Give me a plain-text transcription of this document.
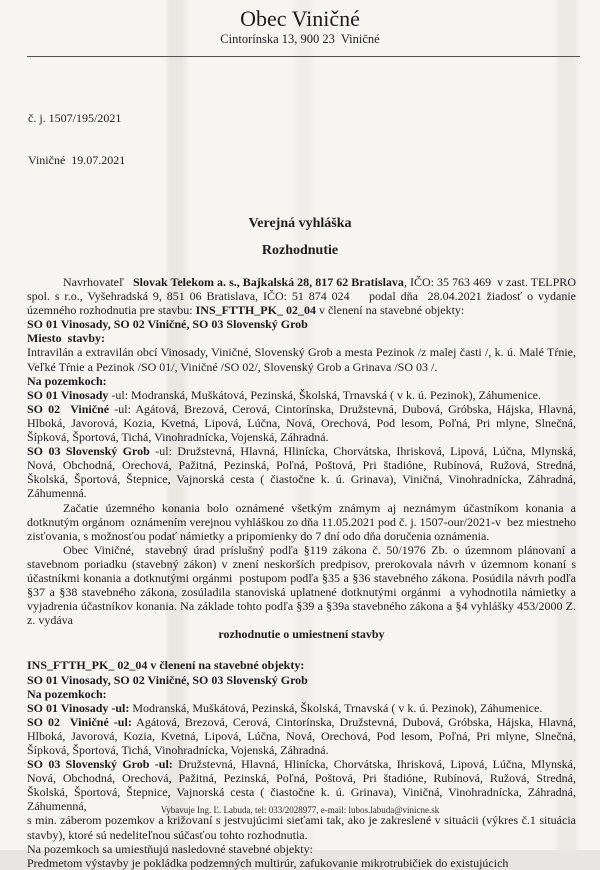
Obec Viničné
Cintorínska 13, 900 23  Viničné

č. j. 1507/195/2021

Viničné  19.07.2021

Verejná vyhláška
Rozhodnutie
Navrhovateľ   Slovak Telekom a. s., Bajkalská 28, 817 62 Bratislava, IČO: 35 763 469  v zast. TELPRO spol. s r.o., Vyšehradská 9, 851 06 Bratislava, IČO: 51 874 024    podal dňa  28.04.2021 žiadosť o vydanie územného rozhodnutia pre stavbu: INS_FTTH_PK_ 02_04 v členení na stavebné objekty:
SO 01 Vinosady, SO 02 Viničné, SO 03 Slovenský Grob
Miesto  stavby:
Intravilán a extravilán obcí Vinosady, Viničné, Slovenský Grob a mesta Pezinok /z malej časti /, k. ú. Malé Tŕnie, Veľké Tŕnie a Pezinok /SO 01/, Viničné /SO 02/, Slovenský Grob a Grinava /SO 03 /.
Na pozemkoch:
SO 01 Vinosady -ul: Modranská, Muškátová, Pezinská, Školská, Trnavská ( v k. ú. Pezinok), Záhumenice.
SO 02  Viničné -ul: Agátová, Brezová, Cerová, Cintorínska, Družstevná, Dubová, Gróbska, Hájska, Hlavná, Hlboká, Javorová, Kozia, Kvetná, Lipová, Lúčna, Nová, Orechová, Pod lesom, Poľná, Pri mlyne, Slnečná, Šípková, Športová, Tichá, Vinohradnícka, Vojenská, Záhradná.
SO 03 Slovenský Grob -ul: Družstevná, Hlavná, Hlinícka, Chorvátska, Ihrisková, Lipová, Lúčna, Mlynská, Nová, Obchodná, Orechová, Pažitná, Pezinská, Poľná, Poštová, Pri štadióne, Rubínová, Ružová, Stredná, Školská, Športová, Štepnice, Vajnorská cesta ( čiastočne k. ú. Grinava), Viničná, Vinohradnícka, Záhradná, Záhumenná.
Začatie územného konania bolo oznámené všetkým známym aj neznámym účastníkom konania a dotknutým orgánom  oznámením verejnou vyhláškou zo dňa 11.05.2021 pod č. j. 1507-our/2021-v  bez miestneho  zisťovania, s možnosťou podať námietky a pripomienky do 7 dní odo dňa doručenia oznámenia.
Obec Viničné,  stavebný úrad príslušný podľa §119 zákona č. 50/1976 Zb. o územnom plánovaní a stavebnom poriadku (stavebný zákon) v znení neskorších predpisov, prerokovala návrh v územnom konaní s účastníkmi konania a dotknutými orgánmi  postupom podľa §35 a §36 stavebného zákona. Posúdila návrh podľa §37 a §38 stavebného zákona, zosúladila stanoviská uplatnené dotknutými orgánmi  a vyhodnotila námietky a vyjadrenia účastníkov konania. Na základe tohto podľa §39 a §39a stavebného zákona a §4 vyhlášky 453/2000 Z. z. vydáva
rozhodnutie o umiestnení stavby
INS_FTTH_PK_ 02_04 v členení na stavebné objekty:
SO 01 Vinosady, SO 02 Viničné, SO 03 Slovenský Grob
Na pozemkoch:
SO 01 Vinosady -ul: Modranská, Muškátová, Pezinská, Školská, Trnavská ( v k. ú. Pezinok), Záhumenice.
SO 02  Viničné -ul: Agátová, Brezová, Cerová, Cintorínska, Družstevná, Dubová, Gróbska, Hájska, Hlavná, Hlboká, Javorová, Kozia, Kvetná, Lipová, Lúčna, Nová, Orechová, Pod lesom, Poľná, Pri mlyne, Slnečná, Šípková, Športová, Tichá, Vinohradnícka, Vojenská, Záhradná.
SO 03 Slovenský Grob -ul: Družstevná, Hlavná, Hlinícka, Chorvátska, Ihrisková, Lipová, Lúčna, Mlynská, Nová, Obchodná, Orechová, Pažitná, Pezinská, Poľná, Poštová, Pri štadióne, Rubínová, Ružová, Stredná, Školská, Športová, Štepnice, Vajnorská cesta ( čiastočne k. ú. Grinava), Viničná, Vinohradnícka, Záhradná, Záhumenná,
s min. záberom pozemkov a križovaní s jestvujúcimi sieťami tak, ako je zakreslené v situácii (výkres č.1 situácia stavby), ktoré sú nedeliteľnou súčasťou tohto rozhodnutia.
Na pozemkoch sa umiestňujú nasledovné stavebné objekty:
Predmetom výstavby je pokládka podzemných multirúr, zafukovanie mikrotrubičiek do existujúcich
Vybavuje Ing. Ľ. Labuda, tel: 033/2028977, e-mail: lubos.labuda@vinicne.sk
